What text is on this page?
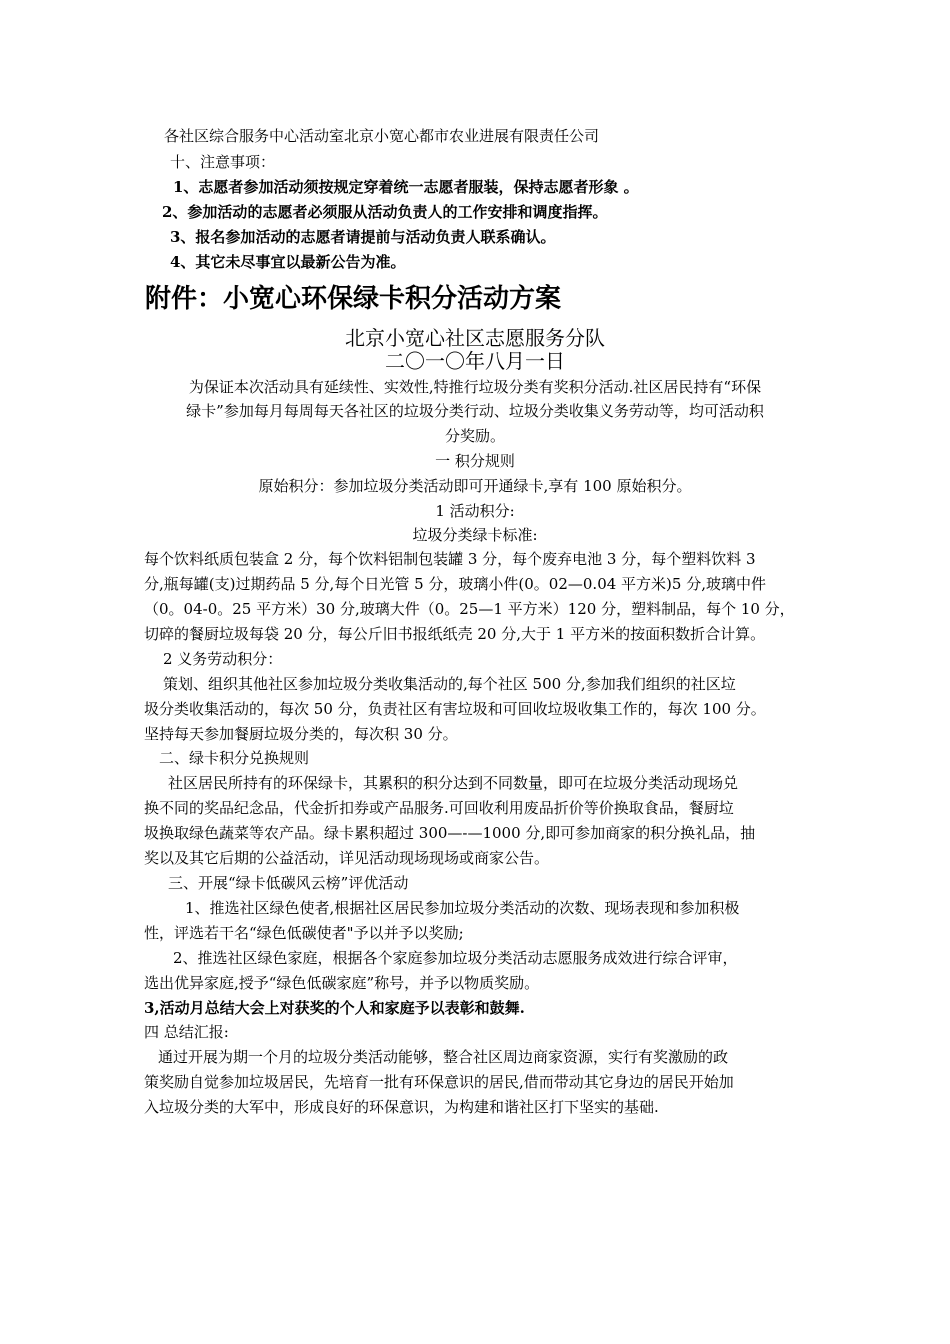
各社区综合服务中心活动室北京小宽心都市农业进展有限责任公司
十、注意事项：
1、志愿者参加活动须按规定穿着统一志愿者服装，保持志愿者形象 。
2、参加活动的志愿者必须服从活动负责人的工作安排和调度指挥。
3、报名参加活动的志愿者请提前与活动负责人联系确认。
4、其它未尽事宜以最新公告为准。
附件：小宽心环保绿卡积分活动方案
北京小宽心社区志愿服务分队
二〇一〇年八月一日
为保证本次活动具有延续性、实效性,特推行垃圾分类有奖积分活动.社区居民持有“环保
绿卡”参加每月每周每天各社区的垃圾分类行动、垃圾分类收集义务劳动等，均可活动积
分奖励。
一 积分规则
原始积分：参加垃圾分类活动即可开通绿卡,享有 100 原始积分。
1 活动积分:
垃圾分类绿卡标准:
每个饮料纸质包装盒 2 分，每个饮料铝制包装罐 3 分，每个废弃电池 3 分，每个塑料饮料 3
分,瓶每罐(支)过期药品 5 分,每个日光管 5 分，玻璃小件(0。02—0.04 平方米)5 分,玻璃中件
（0。04-0。25 平方米）30 分,玻璃大件（0。25—1 平方米）120 分，塑料制品，每个 10 分，
切碎的餐厨垃圾每袋 20 分，每公斤旧书报纸纸壳 20 分,大于 1 平方米的按面积数折合计算。
2 义务劳动积分：
策划、组织其他社区参加垃圾分类收集活动的,每个社区 500 分,参加我们组织的社区垃
圾分类收集活动的，每次 50 分，负责社区有害垃圾和可回收垃圾收集工作的，每次 100 分。
坚持每天参加餐厨垃圾分类的，每次积 30 分。
二、绿卡积分兑换规则
社区居民所持有的环保绿卡，其累积的积分达到不同数量，即可在垃圾分类活动现场兑
换不同的奖品纪念品，代金折扣券或产品服务.可回收利用废品折价等价换取食品，餐厨垃
圾换取绿色蔬菜等农产品。绿卡累积超过 300—-—1000 分,即可参加商家的积分换礼品，抽
奖以及其它后期的公益活动，详见活动现场现场或商家公告。
三、开展“绿卡低碳风云榜”评优活动
1、推选社区绿色使者,根据社区居民参加垃圾分类活动的次数、现场表现和参加积极
性，评选若干名“绿色低碳使者"予以并予以奖励;
2、推选社区绿色家庭，根据各个家庭参加垃圾分类活动志愿服务成效进行综合评审，
选出优异家庭,授予“绿色低碳家庭”称号，并予以物质奖励。
3,活动月总结大会上对获奖的个人和家庭予以表彰和鼓舞.
四 总结汇报:
通过开展为期一个月的垃圾分类活动能够，整合社区周边商家资源，实行有奖激励的政
策奖励自觉参加垃圾居民，先培育一批有环保意识的居民,借而带动其它身边的居民开始加
入垃圾分类的大军中，形成良好的环保意识，为构建和谐社区打下坚实的基础.
